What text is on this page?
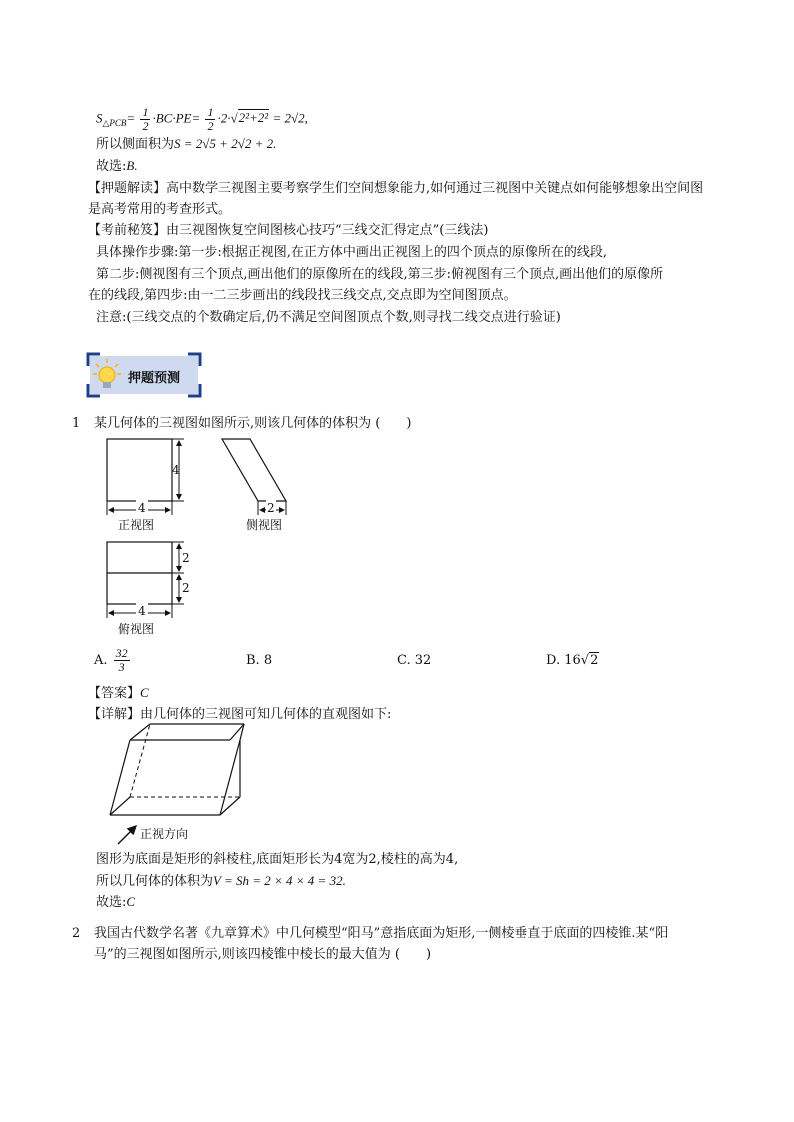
$S_{\triangle PCB}= \frac{1}{2} \cdot BC\cdot PE= \frac{1}{2} \cdot 2\cdot√2^2+2^2 = 2√2$,
所以侧面积为S = 2√5 + 2√2 + 2.
故选:B.
【押题解读】高中数学三视图主要考察学生们空间想象能力,如何通过三视图中关键点如何能够想象出空间图
是高考常用的考查形式。
【考前秘笈】由三视图恢复空间图核心技巧“三线交汇得定点”(三线法)
具体操作步骤:第一步:根据正视图,在正方体中画出正视图上的四个顶点的原像所在的线段,
第二步:侧视图有三个顶点,画出他们的原像所在的线段,第三步:俯视图有三个顶点,画出他们的原像所
在的线段,第四步:由一二三步画出的线段找三线交点,交点即为空间图顶点。
注意:(三线交点的个数确定后,仍不满足空间图顶点个数,则寻找二线交点进行验证)
押题预测
1 某几何体的三视图如图所示,则该几何体的体积为 (　　)
4
4
2
2
2
4
正视图	侧视图
俯视图
A. $\frac{32}{3}$	B. 8	C. 32	D. 16√2
【答案】C
【详解】由几何体的三视图可知几何体的直观图如下:
正视方向
图形为底面是矩形的斜棱柱,底面矩形长为4宽为2,棱柱的高为4,
所以几何体的体积为V = Sh = 2 × 4 × 4 = 32.
故选:C
2 我国古代数学名著《九章算术》中几何模型“阳马”意指底面为矩形,一侧棱垂直于底面的四棱锥.某“阳
马”的三视图如图所示,则该四棱锥中棱长的最大值为 (　　)
